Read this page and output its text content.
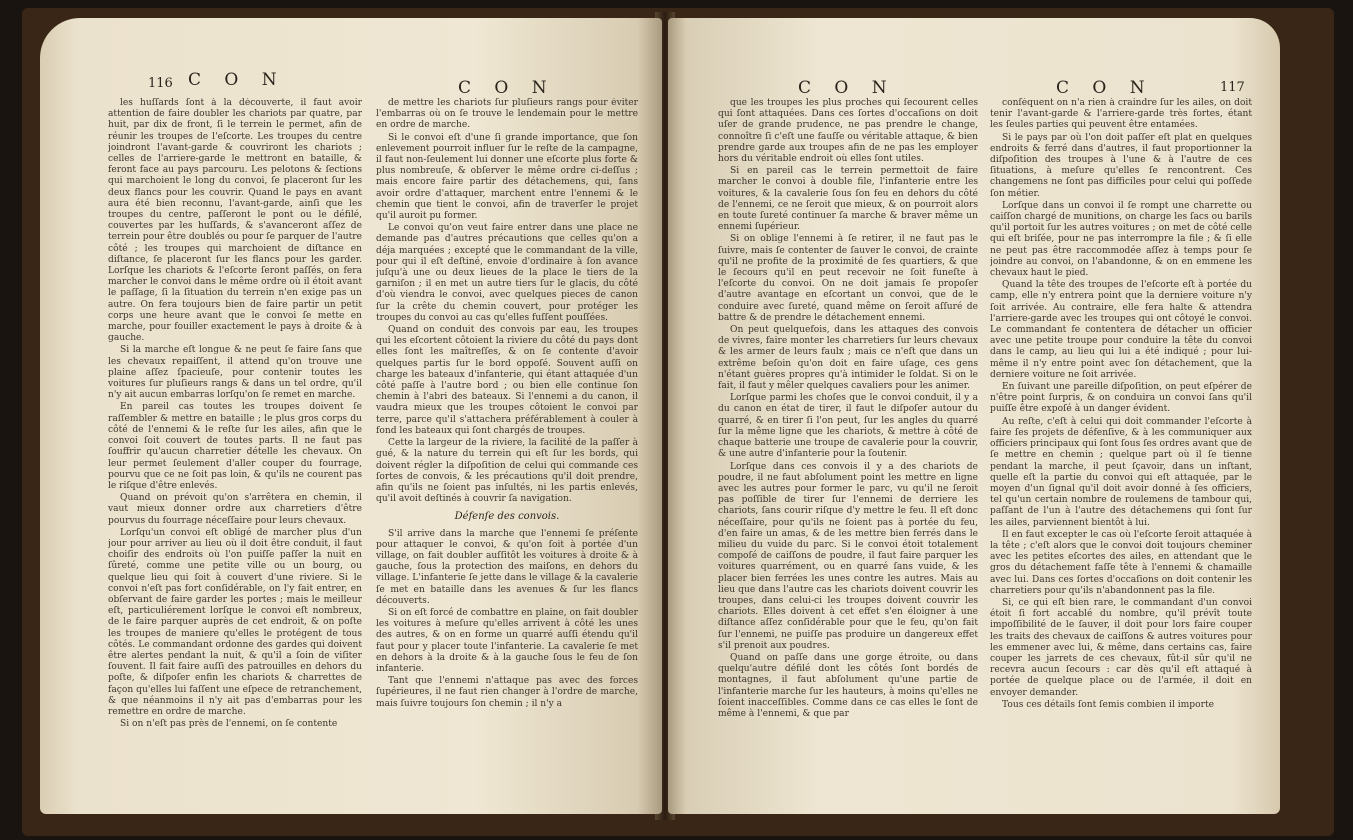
116 C O N	C O N

les huſſards ſont à la découverte, il faut avoir attention de faire doubler les chariots par quatre, par huit, par dix de front, ſi le terrein le permet, afin de réunir les troupes de l'eſcorte. Les troupes du centre joindront l'avant-garde & couvriront les chariots ; celles de l'arriere-garde le mettront en bataille, & feront face au pays parcouru. Les pelotons & ſections qui marchoient le long du convoi, ſe placeront ſur les deux flancs pour les couvrir. Quand le pays en avant aura été bien reconnu, l'avant-garde, ainſi que les troupes du centre, paſſeront le pont ou le défilé, couvertes par les huſſards, & s'avanceront aſſez de terrein pour être doublés ou pour ſe parquer de l'autre côté ; les troupes qui marchoient de diſtance en diſtance, ſe placeront ſur les flancs pour les garder. Lorſque les chariots & l'eſcorte ſeront paſſés, on fera marcher le convoi dans le même ordre où il étoit avant le paſſage, ſi la ſituation du terrein n'en exige pas un autre. On fera toujours bien de faire partir un petit corps une heure avant que le convoi ſe mette en marche, pour fouiller exactement le pays à droite & à gauche.

Si la marche eſt longue & ne peut ſe faire ſans que les chevaux repaiſſent, il attend qu'on trouve une plaine aſſez ſpacieuſe, pour contenir toutes les voitures ſur pluſieurs rangs & dans un tel ordre, qu'il n'y ait aucun embarras lorſqu'on ſe remet en marche.

En pareil cas toutes les troupes doivent ſe raſſembler & mettre en bataille ; le plus gros corps du côté de l'ennemi & le reſte ſur les ailes, afin que le convoi ſoit couvert de toutes parts. Il ne faut pas ſouffrir qu'aucun charretier dételle les chevaux. On leur permet ſeulement d'aller couper du fourrage, pourvu que ce ne ſoit pas loin, & qu'ils ne courent pas le riſque d'être enlevés.

Quand on prévoit qu'on s'arrêtera en chemin, il vaut mieux donner ordre aux charretiers d'être pourvus du fourrage néceſſaire pour leurs chevaux.

Lorſqu'un convoi eſt obligé de marcher plus d'un jour pour arriver au lieu où il doit être conduit, il faut choiſir des endroits où l'on puiſſe paſſer la nuit en ſûreté, comme une petite ville ou un bourg, ou quelque lieu qui ſoit à couvert d'une riviere. Si le convoi n'eſt pas fort conſidérable, on l'y fait entrer, en obſervant de faire garder les portes ; mais le meilleur eſt, particuliérement lorſque le convoi eſt nombreux, de le faire parquer auprès de cet endroit, & on poſte les troupes de maniere qu'elles le protégent de tous côtés. Le commandant ordonne des gardes qui doivent être alertes pendant la nuit, & qu'il a ſoin de viſiter ſouvent. Il fait faire auſſi des patrouilles en dehors du poſte, & diſpoſer enfin les chariots & charrettes de façon qu'elles lui faſſent une eſpece de retranchement, & que néanmoins il n'y ait pas d'embarras pour les remettre en ordre de marche.

Si on n'eſt pas près de l'ennemi, on ſe contente

de mettre les chariots ſur pluſieurs rangs pour éviter l'embarras où on ſe trouve le lendemain pour le mettre en ordre de marche.

Si le convoi eſt d'une ſi grande importance, que ſon enlevement pourroit influer ſur le reſte de la campagne, il faut non-ſeulement lui donner une eſcorte plus forte & plus nombreuſe, & obſerver le même ordre ci-deſſus ; mais encore faire partir des détachemens, qui, ſans avoir ordre d'attaquer, marchent entre l'ennemi & le chemin que tient le convoi, afin de traverſer le projet qu'il auroit pu former.

Le convoi qu'on veut faire entrer dans une place ne demande pas d'autres précautions que celles qu'on a déja marquées ; excepté que le commandant de la ville, pour qui il eſt deſtiné, envoie d'ordinaire à ſon avance juſqu'à une ou deux lieues de la place le tiers de la garniſon ; il en met un autre tiers ſur le glacis, du côté d'où viendra le convoi, avec quelques pieces de canon ſur la crête du chemin couvert, pour protéger les troupes du convoi au cas qu'elles fuſſent pouſſées.

Quand on conduit des convois par eau, les troupes qui les eſcortent côtoient la riviere du côté du pays dont elles ſont les maîtreſſes, & on ſe contente d'avoir quelques partis ſur le bord oppoſé. Souvent auſſi on charge les bateaux d'infanterie, qui étant attaquée d'un côté paſſe à l'autre bord ; ou bien elle continue ſon chemin à l'abri des bateaux. Si l'ennemi a du canon, il vaudra mieux que les troupes côtoient le convoi par terre, parce qu'il s'attachera préférablement à couler à fond les bateaux qui ſont chargés de troupes.

Cette la largeur de la riviere, la facilité de la paſſer à gué, & la nature du terrein qui eſt ſur les bords, qui doivent régler la diſpoſition de celui qui commande ces ſortes de convois, & les précautions qu'il doit prendre, afin qu'ils ne ſoient pas inſultés, ni les partis enlevés, qu'il avoit deſtinés à couvrir ſa navigation.

Défenſe des convois.

S'il arrive dans la marche que l'ennemi ſe préſente pour attaquer le convoi, & qu'on ſoit à portée d'un village, on fait doubler auſſitôt les voitures à droite & à gauche, ſous la protection des maiſons, en dehors du village. L'infanterie ſe jette dans le village & la cavalerie ſe met en bataille dans les avenues & ſur les flancs découverts.

Si on eſt forcé de combattre en plaine, on fait doubler les voitures à meſure qu'elles arrivent à côté les unes des autres, & on en forme un quarré auſſi étendu qu'il faut pour y placer toute l'infanterie. La cavalerie ſe met en dehors à la droite & à la gauche ſous le feu de ſon infanterie.

Tant que l'ennemi n'attaque pas avec des forces ſupérieures, il ne faut rien changer à l'ordre de marche, mais ſuivre toujours ſon chemin ; il n'y a

C O N	C O N	117

que les troupes les plus proches qui ſecourent celles qui ſont attaquées. Dans ces ſortes d'occaſions on doit uſer de grande prudence, ne pas prendre le change, connoître ſi c'eſt une fauſſe ou véritable attaque, & bien prendre garde aux troupes afin de ne pas les employer hors du véritable endroit où elles ſont utiles.

Si en pareil cas le terrein permettoit de faire marcher le convoi à double file, l'infanterie entre les voitures, & la cavalerie ſous ſon feu en dehors du côté de l'ennemi, ce ne ſeroit que mieux, & on pourroit alors en toute ſureté continuer ſa marche & braver même un ennemi ſupérieur.

Si on oblige l'ennemi à ſe retirer, il ne faut pas le ſuivre, mais ſe contenter de ſauver le convoi, de crainte qu'il ne profite de la proximité de ſes quartiers, & que le ſecours qu'il en peut recevoir ne ſoit funeſte à l'eſcorte du convoi. On ne doit jamais ſe propoſer d'autre avantage en eſcortant un convoi, que de le conduire avec ſureté, quand même on ſeroit aſſuré de battre & de prendre le détachement ennemi.

On peut quelquefois, dans les attaques des convois de vivres, faire monter les charretiers ſur leurs chevaux & les armer de leurs faulx ; mais ce n'eſt que dans un extrême beſoin qu'on doit en faire uſage, ces gens n'étant guères propres qu'à intimider le ſoldat. Si on le fait, il faut y mêler quelques cavaliers pour les animer.

Lorſque parmi les choſes que le convoi conduit, il y a du canon en état de tirer, il faut le diſpoſer autour du quarré, & en tirer ſi l'on peut, ſur les angles du quarré ſur la même ligne que les chariots, & mettre à côté de chaque batterie une troupe de cavalerie pour la couvrir, & une autre d'infanterie pour la ſoutenir.

Lorſque dans ces convois il y a des chariots de poudre, il ne faut abſolument point les mettre en ligne avec les autres pour former le parc, vu qu'il ne ſeroit pas poſſible de tirer ſur l'ennemi de derriere les chariots, ſans courir riſque d'y mettre le feu. Il eſt donc néceſſaire, pour qu'ils ne ſoient pas à portée du feu, d'en faire un amas, & de les mettre bien ferrés dans le milieu du vuide du parc. Si le convoi étoit totalement compoſé de caiſſons de poudre, il faut faire parquer les voitures quarrément, ou en quarré ſans vuide, & les placer bien ferrées les unes contre les autres. Mais au lieu que dans l'autre cas les chariots doivent couvrir les troupes, dans celui-ci les troupes doivent couvrir les chariots. Elles doivent à cet effet s'en éloigner à une diſtance aſſez conſidérable pour que le feu, qu'on fait ſur l'ennemi, ne puiſſe pas produire un dangereux effet s'il prenoit aux poudres.

Quand on paſſe dans une gorge étroite, ou dans quelqu'autre défilé dont les côtés ſont bordés de montagnes, il faut abſolument qu'une partie de l'infanterie marche ſur les hauteurs, à moins qu'elles ne ſoient inacceſſibles. Comme dans ce cas elles le ſont de même à l'ennemi, & que par

conſéquent on n'a rien à craindre ſur les ailes, on doit tenir l'avant-garde & l'arriere-garde très fortes, étant les ſeules parties qui peuvent être entamées.

Si le pays par où l'on doit paſſer eſt plat en quelques endroits & ferré dans d'autres, il faut proportionner la diſpoſition des troupes à l'une & à l'autre de ces ſituations, à meſure qu'elles ſe rencontrent. Ces changemens ne ſont pas difficiles pour celui qui poſſede ſon métier.

Lorſque dans un convoi il ſe rompt une charrette ou caiſſon chargé de munitions, on charge les ſacs ou barils qu'il portoit ſur les autres voitures ; on met de côté celle qui eſt briſée, pour ne pas interrompre la file ; & ſi elle ne peut pas être raccommodée aſſez à temps pour ſe joindre au convoi, on l'abandonne, & on en emmene les chevaux haut le pied.

Quand la tête des troupes de l'eſcorte eſt à portée du camp, elle n'y entrera point que la derniere voiture n'y ſoit arrivée. Au contraire, elle fera halte & attendra l'arriere-garde avec les troupes qui ont côtoyé le convoi. Le commandant fe contentera de détacher un officier avec une petite troupe pour conduire la tête du convoi dans le camp, au lieu qui lui a été indiqué ; pour lui-même il n'y entre point avec ſon détachement, que la derniere voiture ne ſoit arrivée.

En ſuivant une pareille diſpoſition, on peut eſpérer de n'être point ſurpris, & on conduira un convoi ſans qu'il puiſſe être expoſé à un danger évident.

Au reſte, c'eſt à celui qui doit commander l'eſcorte à faire ſes projets de défenſive, & à les communiquer aux officiers principaux qui ſont ſous ſes ordres avant que de ſe mettre en chemin ; quelque part où il ſe tienne pendant la marche, il peut ſçavoir, dans un inſtant, quelle eſt la partie du convoi qui eſt attaquée, par le moyen d'un ſignal qu'il doit avoir donné à ſes officiers, tel qu'un certain nombre de roulemens de tambour qui, paſſant de l'un à l'autre des détachemens qui ſont ſur les ailes, parviennent bientôt à lui.

Il en faut excepter le cas où l'eſcorte ſeroit attaquée à la tête ; c'eſt alors que le convoi doit toujours cheminer avec les petites eſcortes des ailes, en attendant que le gros du détachement faſſe tête à l'ennemi & chamaille avec lui. Dans ces ſortes d'occaſions on doit contenir les charretiers pour qu'ils n'abandonnent pas la file.

Si, ce qui eſt bien rare, le commandant d'un convoi étoit ſi fort accablé du nombre, qu'il prévît toute impoſſibilité de le ſauver, il doit pour lors faire couper les traits des chevaux de caiſſons & autres voitures pour les emmener avec lui, & même, dans certains cas, faire couper les jarrets de ces chevaux, fût-il sûr qu'il ne recevra aucun ſecours : car dès qu'il eſt attaqué à portée de quelque place ou de l'armée, il doit en envoyer demander.

Tous ces détails ſont ſemis combien il importe
